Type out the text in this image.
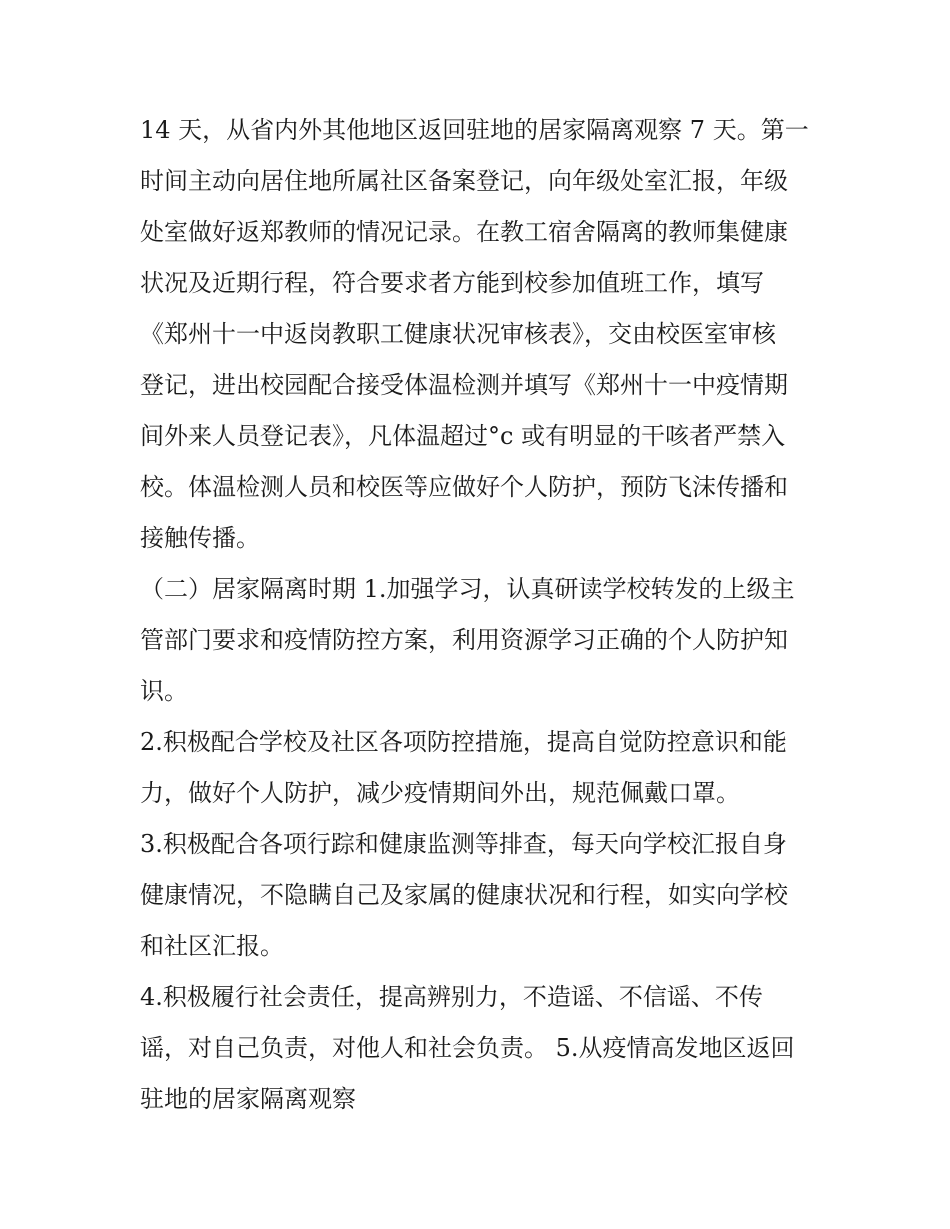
14 天，从省内外其他地区返回驻地的居家隔离观察 7 天。第一
时间主动向居住地所属社区备案登记，向年级处室汇报，年级
处室做好返郑教师的情况记录。在教工宿舍隔离的教师集健康
状况及近期行程，符合要求者方能到校参加值班工作，填写
《郑州十一中返岗教职工健康状况审核表》，交由校医室审核
登记，进出校园配合接受体温检测并填写《郑州十一中疫情期
间外来人员登记表》，凡体温超过°c 或有明显的干咳者严禁入
校。体温检测人员和校医等应做好个人防护，预防飞沫传播和
接触传播。
（二）居家隔离时期 1.加强学习，认真研读学校转发的上级主
管部门要求和疫情防控方案，利用资源学习正确的个人防护知
识。
2.积极配合学校及社区各项防控措施，提高自觉防控意识和能
力，做好个人防护，减少疫情期间外出，规范佩戴口罩。
3.积极配合各项行踪和健康监测等排查，每天向学校汇报自身
健康情况，不隐瞒自己及家属的健康状况和行程，如实向学校
和社区汇报。
4.积极履行社会责任，提高辨别力，不造谣、不信谣、不传
谣，对自己负责，对他人和社会负责。 5.从疫情高发地区返回
驻地的居家隔离观察
